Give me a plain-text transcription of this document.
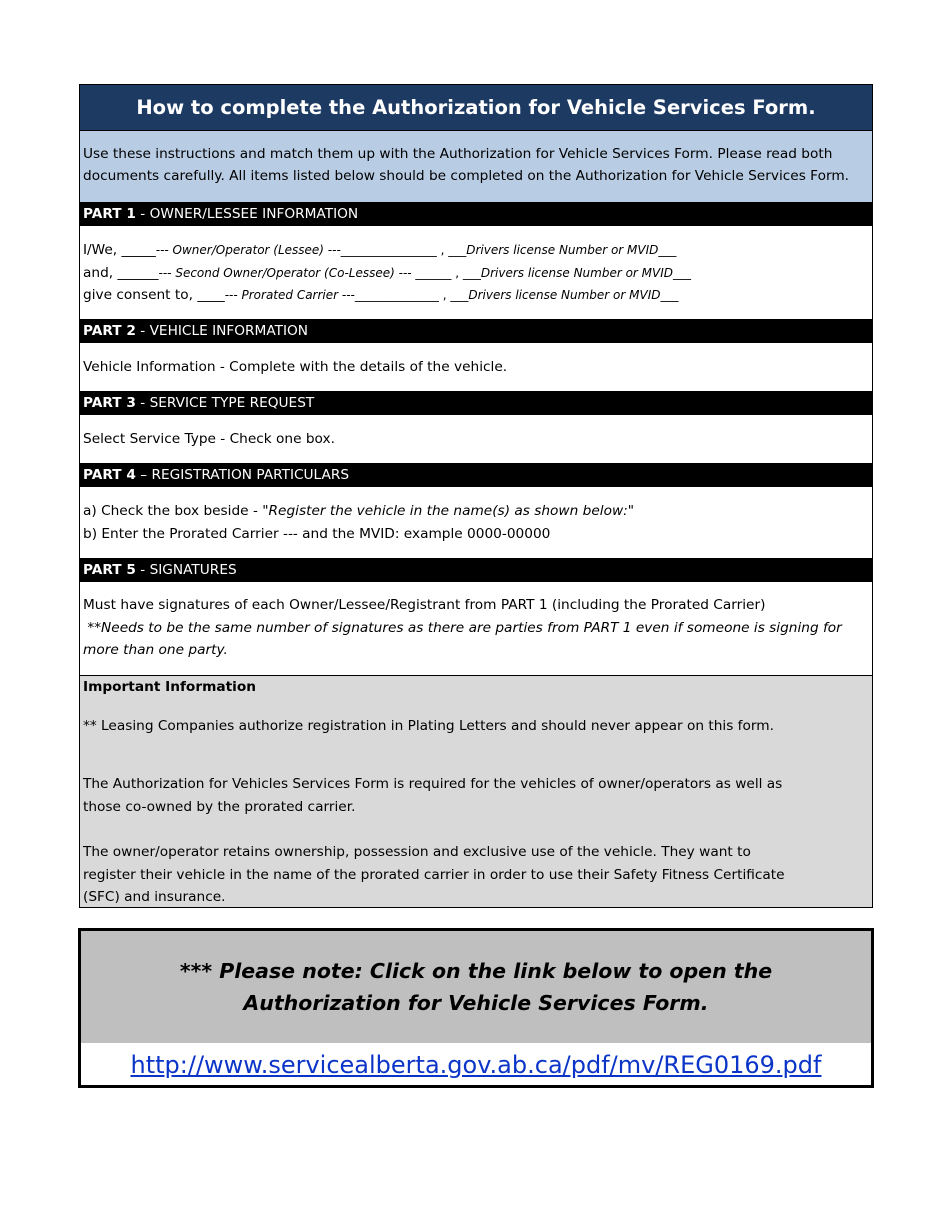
How to complete the Authorization for Vehicle Services Form.
Use these instructions and match them up with the Authorization for Vehicle Services Form. Please read both
documents carefully. All items listed below should be completed on the Authorization for Vehicle Services Form.
PART 1 - OWNER/LESSEE INFORMATION
I/We, _____--- Owner/Operator (Lessee) ---________________ , ___Drivers license Number or MVID___
and, ______--- Second Owner/Operator (Co-Lessee) --- ______ , ___Drivers license Number or MVID___
give consent to, ____--- Prorated Carrier ---______________ , ___Drivers license Number or MVID___
PART 2 - VEHICLE INFORMATION
Vehicle Information - Complete with the details of the vehicle.
PART 3 - SERVICE TYPE REQUEST
Select Service Type - Check one box.
PART 4 – REGISTRATION PARTICULARS
a) Check the box beside - "Register the vehicle in the name(s) as shown below:"
b) Enter the Prorated Carrier --- and the MVID: example 0000-00000
PART 5 - SIGNATURES
Must have signatures of each Owner/Lessee/Registrant from PART 1 (including the Prorated Carrier)
**Needs to be the same number of signatures as there are parties from PART 1 even if someone is signing for
more than one party.
Important Information
** Leasing Companies authorize registration in Plating Letters and should never appear on this form.
The Authorization for Vehicles Services Form is required for the vehicles of owner/operators as well as
those co-owned by the prorated carrier.
The owner/operator retains ownership, possession and exclusive use of the vehicle. They want to
register their vehicle in the name of the prorated carrier in order to use their Safety Fitness Certificate
(SFC) and insurance.
*** Please note: Click on the link below to open the Authorization for Vehicle Services Form.
http://www.servicealberta.gov.ab.ca/pdf/mv/REG0169.pdf
